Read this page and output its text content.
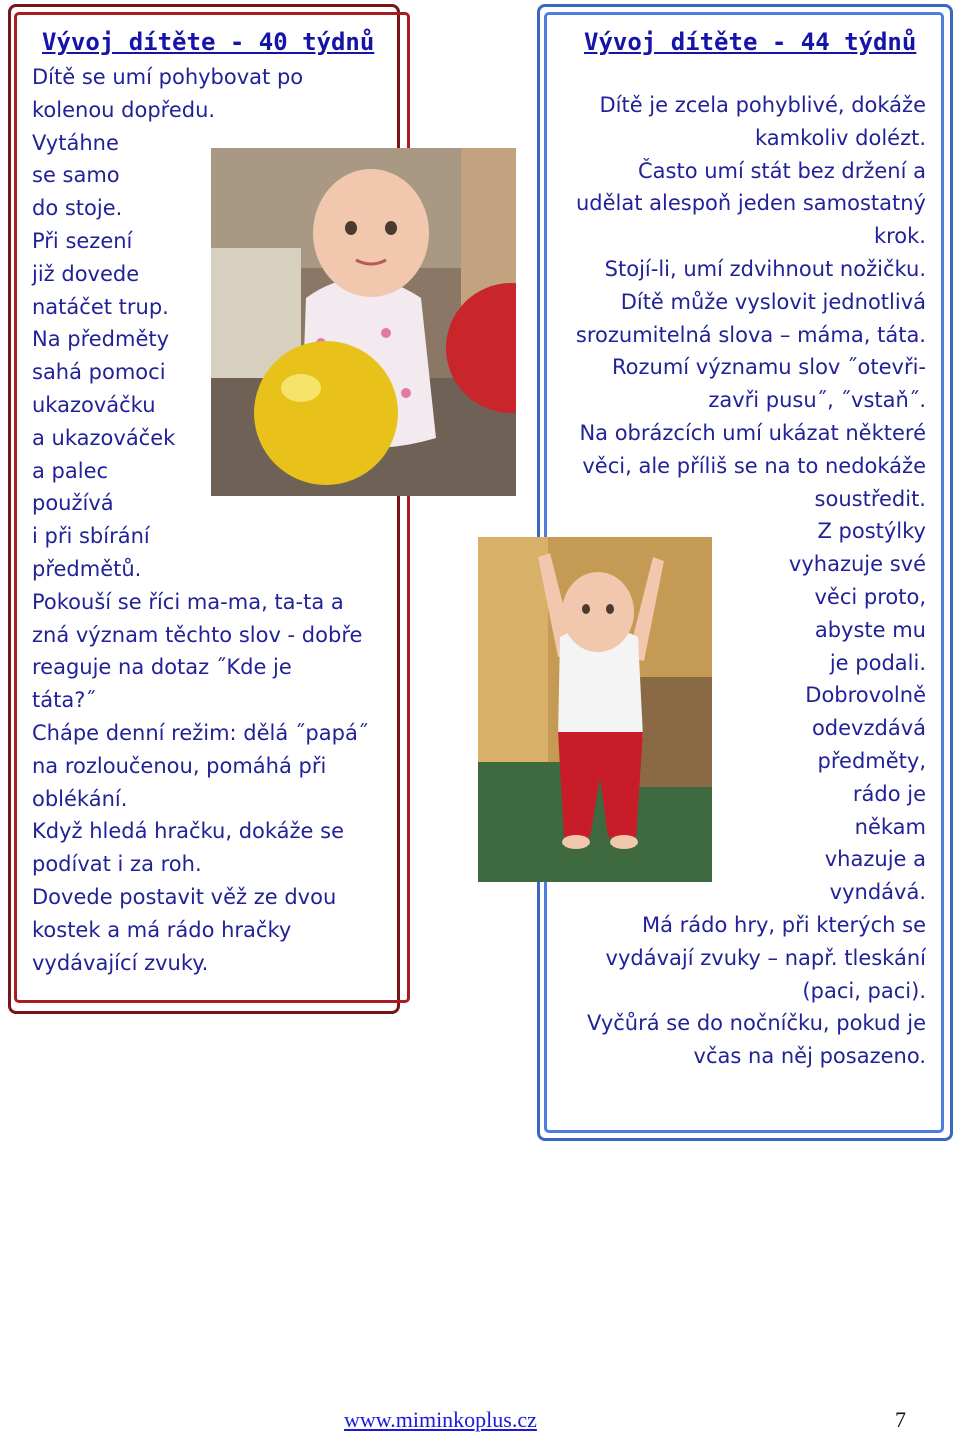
Vývoj dítěte - 40 týdnů
Dítě se umí pohybovat po
kolenou dopředu.
Vytáhne
se samo
do stoje.
Při sezení
již dovede
natáčet trup.
Na předměty
sahá pomoci
ukazováčku
a ukazováček
a palec
používá
i při sbírání
předmětů.
Pokouší se říci ma-ma, ta-ta a
zná význam těchto slov - dobře
reaguje na dotaz ˝Kde je
táta?˝
Chápe denní režim: dělá ˝papá˝
na rozloučenou, pomáhá při
oblékání.
Když hledá hračku, dokáže se
podívat i za roh.
Dovede postavit věž ze dvou
kostek a má rádo hračky
vydávající zvuky.
Vývoj dítěte - 44 týdnů
Dítě je zcela pohyblivé, dokáže
kamkoliv dolézt.
Často umí stát bez držení a
udělat alespoň jeden samostatný
krok.
Stojí-li, umí zdvihnout nožičku.
Dítě může vyslovit jednotlivá
srozumitelná slova – máma, táta.
Rozumí významu slov ˝otevři-
zavři pusu˝, ˝vstaň˝.
Na obrázcích umí ukázat některé
věci, ale příliš se na to nedokáže
soustředit.
Z postýlky
vyhazuje své
věci proto,
abyste mu
je podali.
Dobrovolně
odevzdává
předměty,
rádo je
někam
vhazuje a
vyndává.
Má rádo hry, při kterých se
vydávají zvuky – např. tleskání
(paci, paci).
Vyčůrá se do nočníčku, pokud je
včas na něj posazeno.
www.miminkoplus.cz	7
